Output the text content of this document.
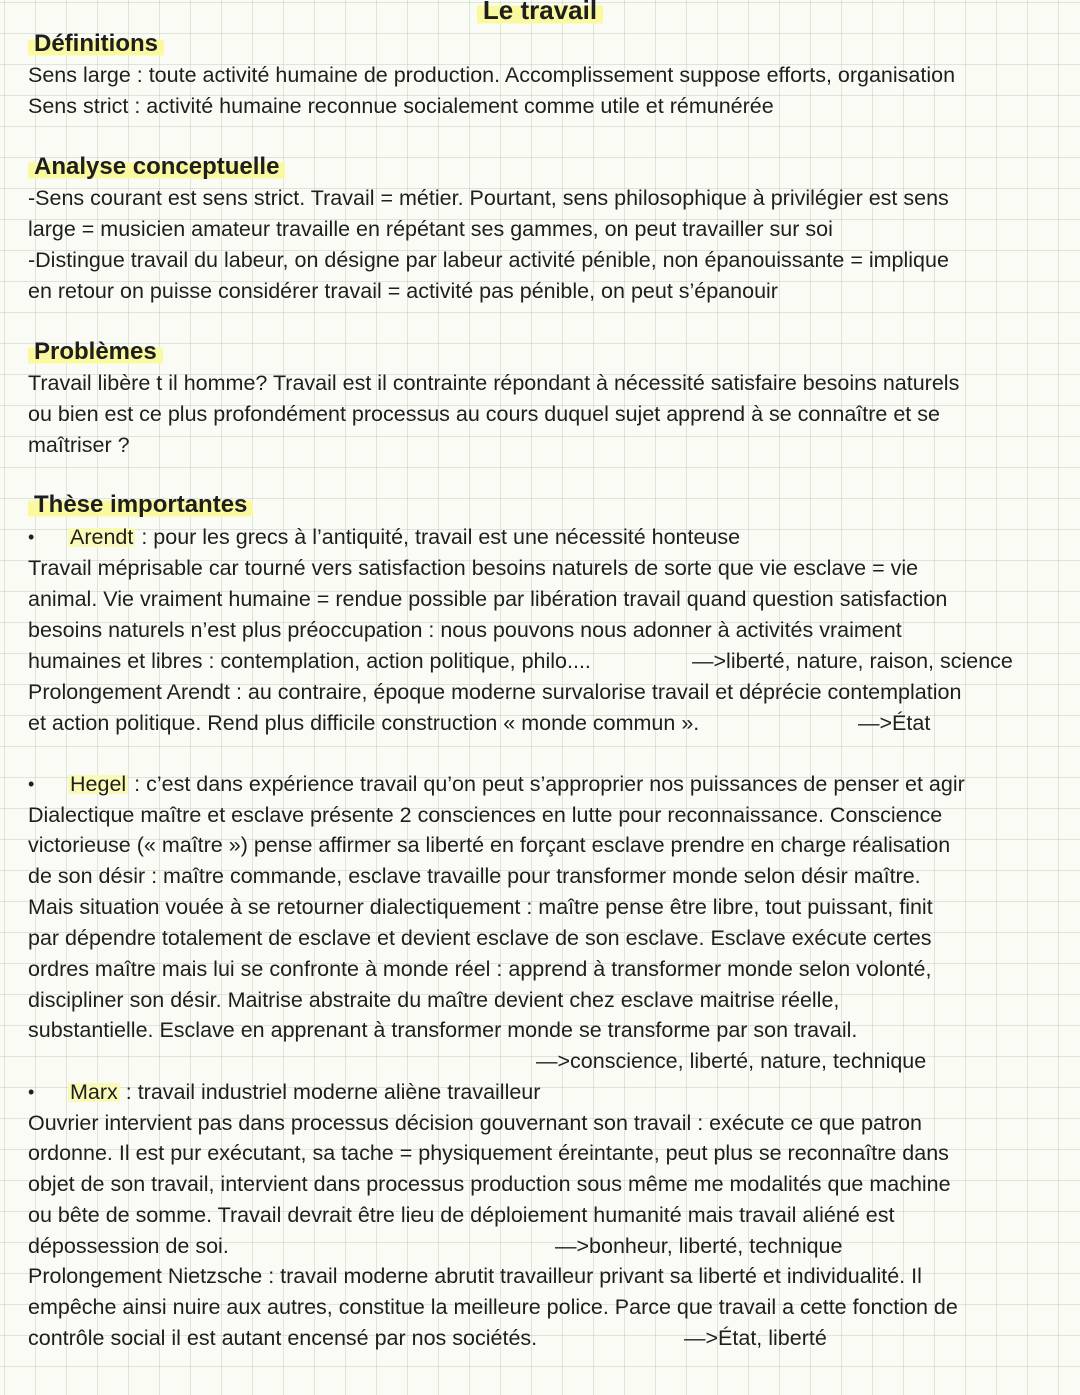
Le travail
Définitions
Sens large : toute activité humaine de production. Accomplissement suppose efforts, organisation
Sens strict : activité humaine reconnue socialement comme utile et rémunérée
Analyse conceptuelle
-Sens courant est sens strict. Travail = métier. Pourtant, sens philosophique à privilégier est sens
large = musicien amateur travaille en répétant ses gammes, on peut travailler sur soi
-Distingue travail du labeur, on désigne par labeur activité pénible, non épanouissante = implique
en retour on puisse considérer travail = activité pas pénible, on peut s’épanouir
Problèmes
Travail libère t il homme? Travail est il contrainte répondant à nécessité satisfaire besoins naturels
ou bien est ce plus profondément processus au cours duquel sujet apprend à se connaître et se
maîtriser ?
Thèse importantes
• Arendt : pour les grecs à l’antiquité, travail est une nécessité honteuse
Travail méprisable car tourné vers satisfaction besoins naturels de sorte que vie esclave = vie
animal. Vie vraiment humaine = rendue possible par libération travail quand question satisfaction
besoins naturels n’est plus préoccupation : nous pouvons nous adonner à activités vraiment
humaines et libres : contemplation, action politique, philo....	—>liberté, nature, raison, science
Prolongement Arendt : au contraire, époque moderne survalorise travail et déprécie contemplation
et action politique. Rend plus difficile construction « monde commun ».	—>État
• Hegel : c’est dans expérience travail qu’on peut s’approprier nos puissances de penser et agir
Dialectique maître et esclave présente 2 consciences en lutte pour reconnaissance. Conscience
victorieuse (« maître ») pense affirmer sa liberté en forçant esclave prendre en charge réalisation
de son désir : maître commande, esclave travaille pour transformer monde selon désir maître.
Mais situation vouée à se retourner dialectiquement : maître pense être libre, tout puissant, finit
par dépendre totalement de esclave et devient esclave de son esclave. Esclave exécute certes
ordres maître mais lui se confronte à monde réel : apprend à transformer monde selon volonté,
discipliner son désir. Maitrise abstraite du maître devient chez esclave maitrise réelle,
substantielle. Esclave en apprenant à transformer monde se transforme par son travail.
—>conscience, liberté, nature, technique
• Marx : travail industriel moderne aliène travailleur
Ouvrier intervient pas dans processus décision gouvernant son travail : exécute ce que patron
ordonne. Il est pur exécutant, sa tache = physiquement éreintante, peut plus se reconnaître dans
objet de son travail, intervient dans processus production sous même me modalités que machine
ou bête de somme. Travail devrait être lieu de déploiement humanité mais travail aliéné est
dépossession de soi.	—>bonheur, liberté, technique
Prolongement Nietzsche : travail moderne abrutit travailleur privant sa liberté et individualité. Il
empêche ainsi nuire aux autres, constitue la meilleure police. Parce que travail a cette fonction de
contrôle social il est autant encensé par nos sociétés.	—>État, liberté
